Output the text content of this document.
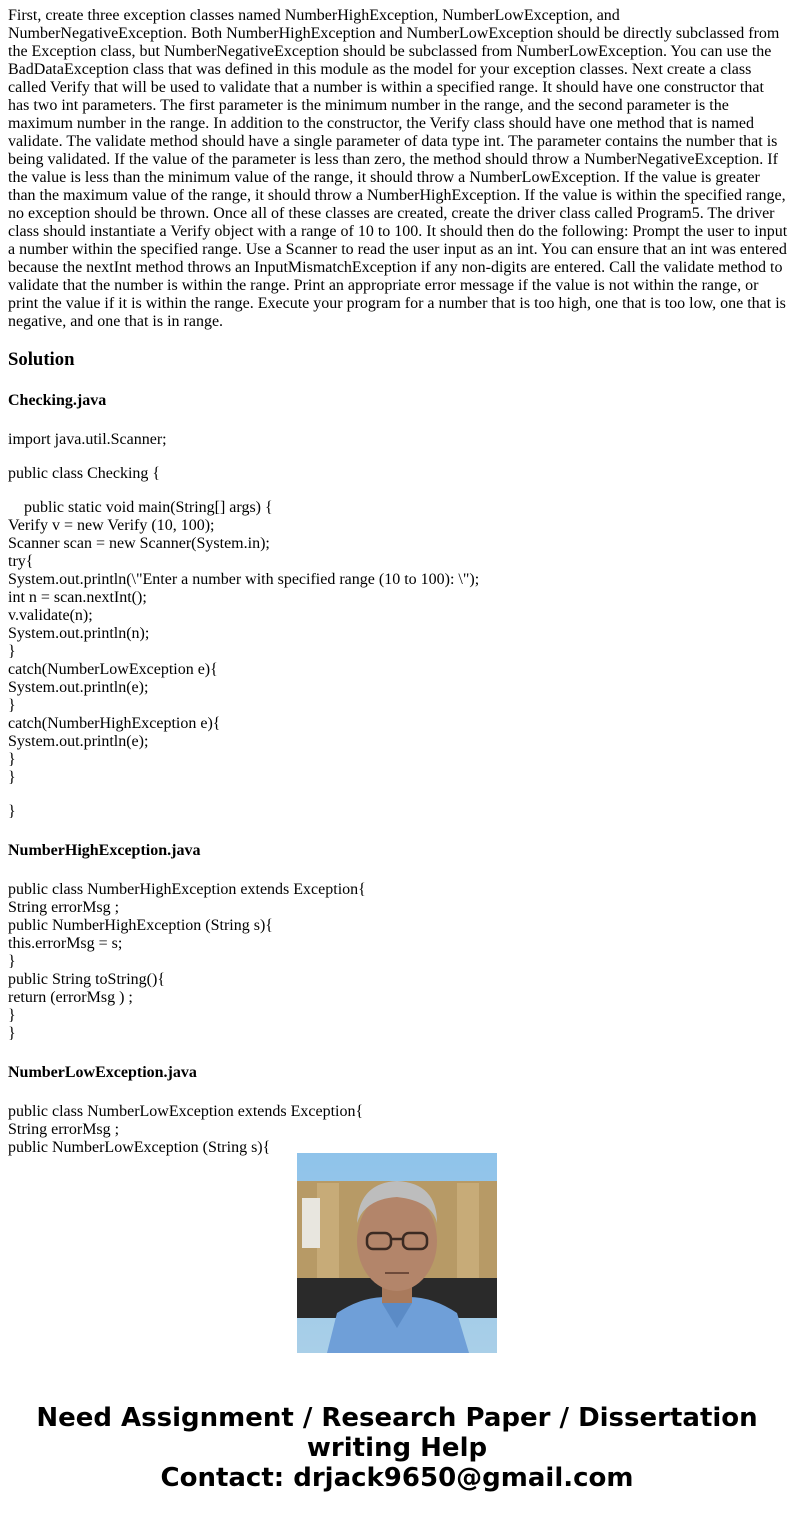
First, create three exception classes named NumberHighException, NumberLowException, and NumberNegativeException. Both NumberHighException and NumberLowException should be directly subclassed from the Exception class, but NumberNegativeException should be subclassed from NumberLowException. You can use the BadDataException class that was defined in this module as the model for your exception classes. Next create a class called Verify that will be used to validate that a number is within a specified range. It should have one constructor that has two int parameters. The first parameter is the minimum number in the range, and the second parameter is the maximum number in the range. In addition to the constructor, the Verify class should have one method that is named validate. The validate method should have a single parameter of data type int. The parameter contains the number that is being validated. If the value of the parameter is less than zero, the method should throw a NumberNegativeException. If the value is less than the minimum value of the range, it should throw a NumberLowException. If the value is greater than the maximum value of the range, it should throw a NumberHighException. If the value is within the specified range, no exception should be thrown. Once all of these classes are created, create the driver class called Program5. The driver class should instantiate a Verify object with a range of 10 to 100. It should then do the following: Prompt the user to input a number within the specified range. Use a Scanner to read the user input as an int. You can ensure that an int was entered because the nextInt method throws an InputMismatchException if any non-digits are entered. Call the validate method to validate that the number is within the range. Print an appropriate error message if the value is not within the range, or print the value if it is within the range. Execute your program for a number that is too high, one that is too low, one that is negative, and one that is in range.

Solution
Checking.java

import java.util.Scanner;

public class Checking {

public static void main(String[] args) {
Verify v = new Verify (10, 100);
Scanner scan = new Scanner(System.in);
try{
System.out.println(\"Enter a number with specified range (10 to 100): \");
int n = scan.nextInt();
v.validate(n);
System.out.println(n);
}
catch(NumberLowException e){
System.out.println(e);
}
catch(NumberHighException e){
System.out.println(e);
}
}

}

NumberHighException.java

public class NumberHighException extends Exception{
String errorMsg ;
public NumberHighException (String s){
this.errorMsg = s;
}
public String toString(){
return (errorMsg ) ;
}
}

NumberLowException.java

public class NumberLowException extends Exception{
String errorMsg ;
public NumberLowException (String s){

Need Assignment / Research Paper / Dissertation
writing Help
Contact: drjack9650@gmail.com
